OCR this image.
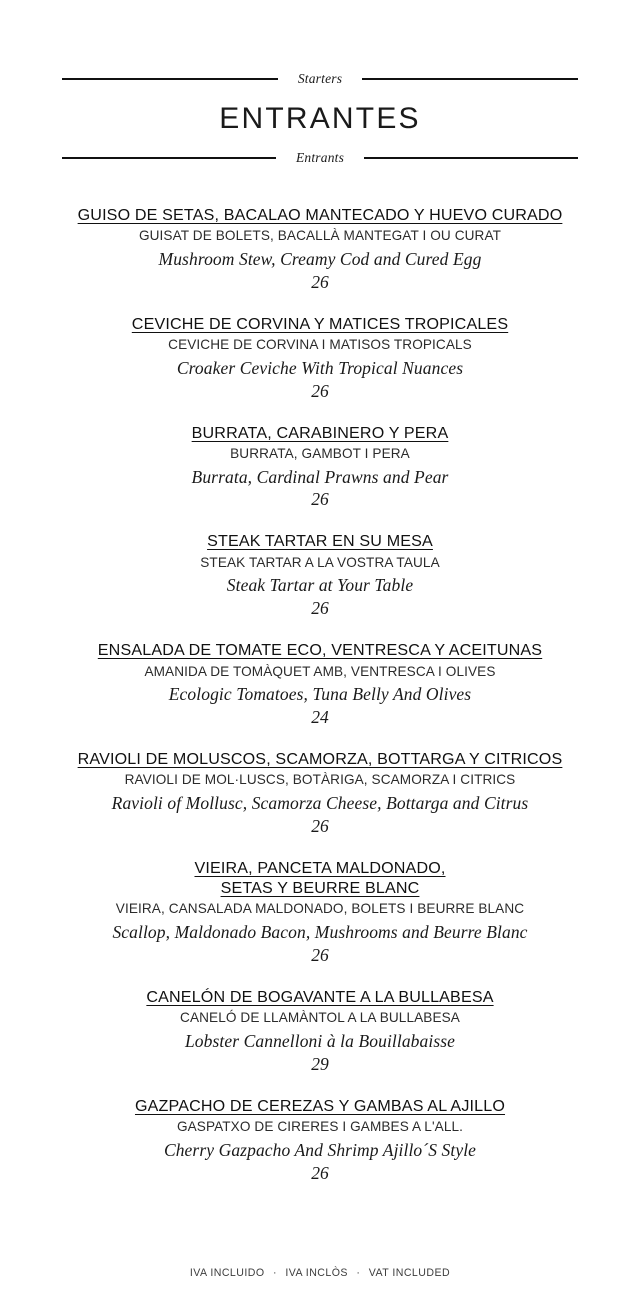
Starters
ENTRANTES
Entrants
GUISO DE SETAS, BACALAO MANTECADO Y HUEVO CURADO
GUISAT DE BOLETS, BACALLÀ MANTEGAT I OU CURAT
Mushroom Stew, Creamy Cod and Cured Egg
26
CEVICHE DE CORVINA Y MATICES TROPICALES
CEVICHE DE CORVINA I MATISOS TROPICALS
Croaker Ceviche With Tropical Nuances
26
BURRATA, CARABINERO Y PERA
BURRATA, GAMBOT I PERA
Burrata, Cardinal Prawns and Pear
26
STEAK TARTAR EN SU MESA
STEAK TARTAR A LA VOSTRA TAULA
Steak Tartar at Your Table
26
ENSALADA DE TOMATE ECO, VENTRESCA Y ACEITUNAS
AMANIDA DE TOMÀQUET AMB, VENTRESCA I OLIVES
Ecologic Tomatoes, Tuna Belly And Olives
24
RAVIOLI DE MOLUSCOS, SCAMORZA, BOTTARGA Y CITRICOS
RAVIOLI DE MOL·LUSCS, BOTÀRIGA, SCAMORZA I CITRICS
Ravioli of Mollusc, Scamorza Cheese, Bottarga and Citrus
26
VIEIRA, PANCETA MALDONADO,
SETAS Y BEURRE BLANC
VIEIRA, CANSALADA MALDONADO, BOLETS I BEURRE BLANC
Scallop, Maldonado Bacon, Mushrooms and Beurre Blanc
26
CANELÓN DE BOGAVANTE A LA BULLABESA
CANELÓ DE LLAMÀNTOL A LA BULLABESA
Lobster Cannelloni à la Bouillabaisse
29
GAZPACHO DE CEREZAS Y GAMBAS AL AJILLO
GASPATXO DE CIRERES I GAMBES A L'ALL.
Cherry Gazpacho And Shrimp Ajillo´S Style
26
IVA INCLUIDO · IVA INCLÒS · VAT INCLUDED
